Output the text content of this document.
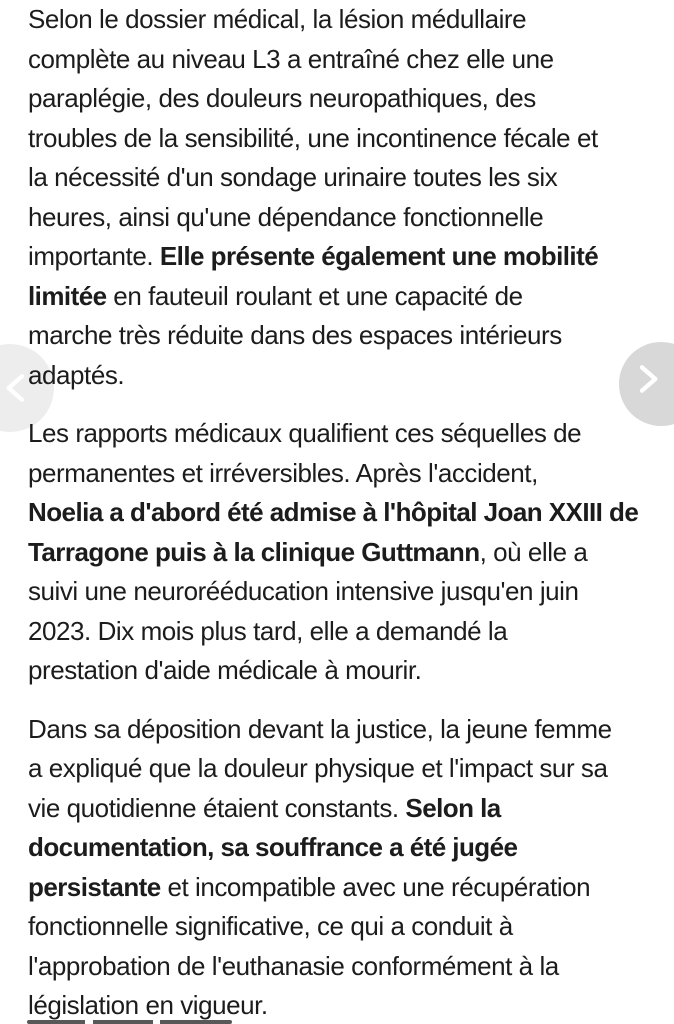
Selon le dossier médical, la lésion médullaire
complète au niveau L3 a entraîné chez elle une
paraplégie, des douleurs neuropathiques, des
troubles de la sensibilité, une incontinence fécale et
la nécessité d'un sondage urinaire toutes les six
heures, ainsi qu'une dépendance fonctionnelle
importante. Elle présente également une mobilité
limitée en fauteuil roulant et une capacité de
marche très réduite dans des espaces intérieurs
adaptés.
Les rapports médicaux qualifient ces séquelles de
permanentes et irréversibles. Après l'accident,
Noelia a d'abord été admise à l'hôpital Joan XXIII de
Tarragone puis à la clinique Guttmann, où elle a
suivi une neurorééducation intensive jusqu'en juin
2023. Dix mois plus tard, elle a demandé la
prestation d'aide médicale à mourir.
Dans sa déposition devant la justice, la jeune femme
a expliqué que la douleur physique et l'impact sur sa
vie quotidienne étaient constants. Selon la
documentation, sa souffrance a été jugée
persistante et incompatible avec une récupération
fonctionnelle significative, ce qui a conduit à
l'approbation de l'euthanasie conformément à la
législation en vigueur.
